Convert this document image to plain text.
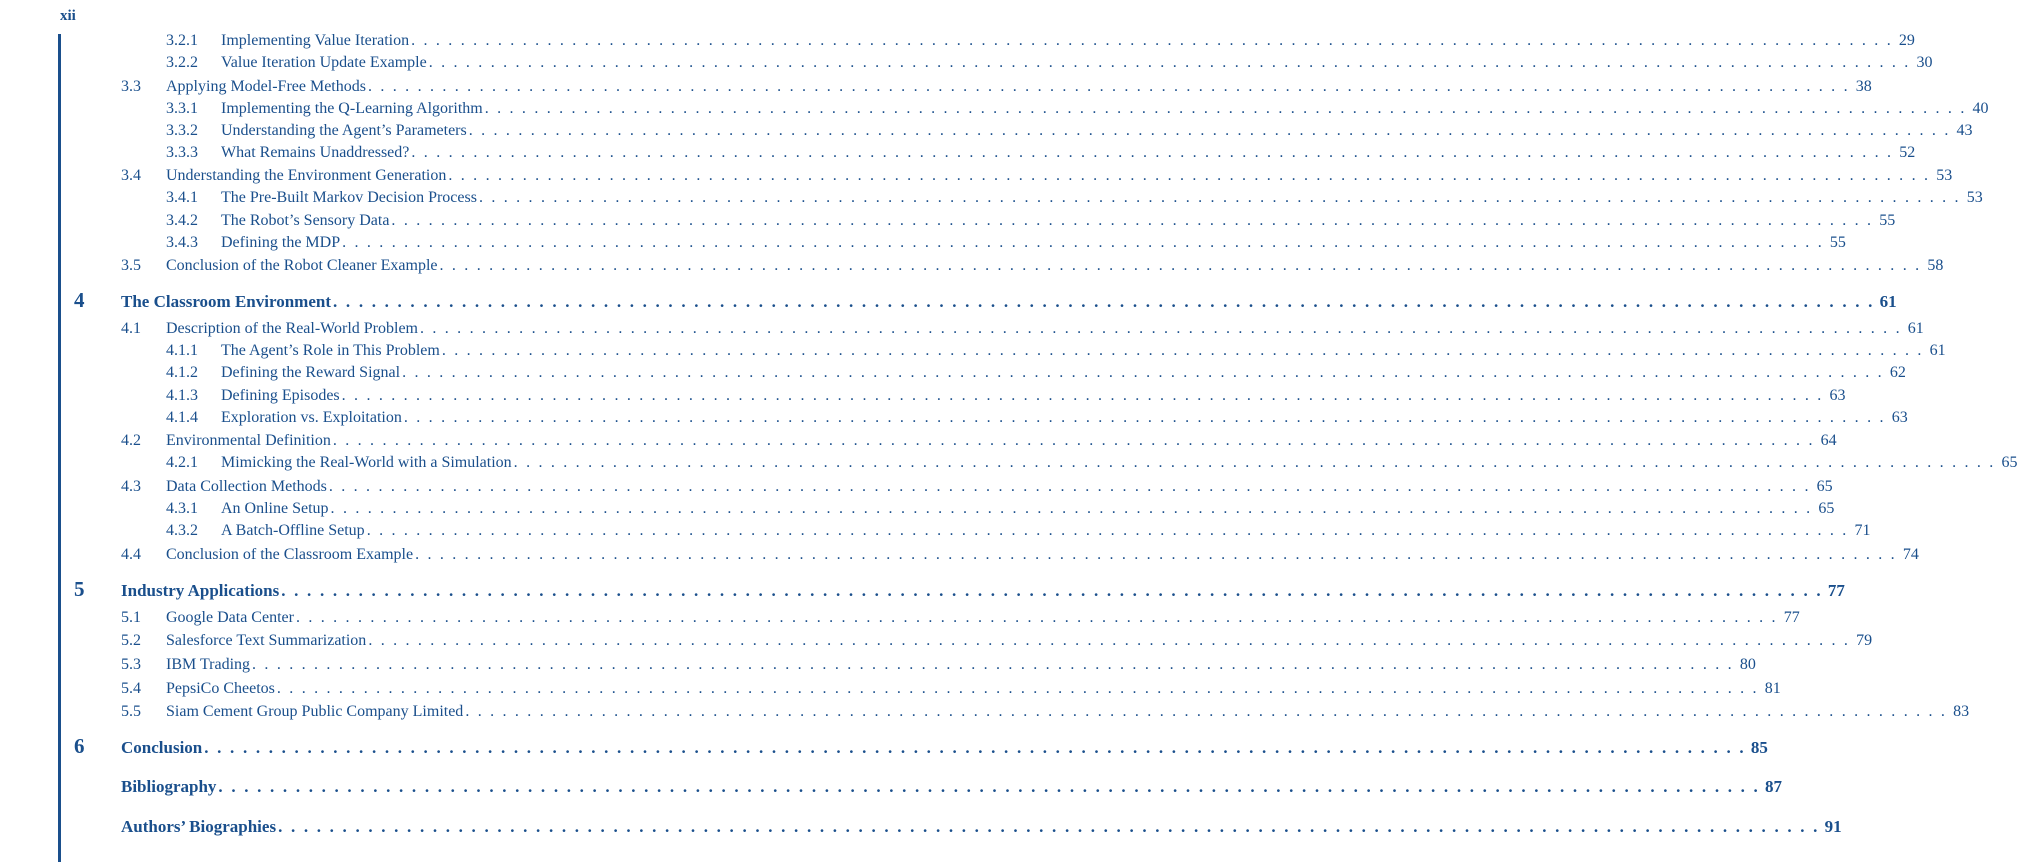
xii
3.2.1 Implementing Value Iteration . . . . . . . . . . . . . . . . . . . . . . . . . . . . . . . . . . . . . . . . . . . . . . . . . . . . . . . . . . . . . . . . . . . . . . . . . . . . . . . . . . . . . . . . . . . . . . . . . . . . . . . . . . . . . . . . . . . . . . . . 29
3.2.2 Value Iteration Update Example . . . . . . . . . . . . . . . . . . . . . . . . . . . . . . . . . . . . . . . . . . . . . . . . . . . . . . . . . . . . . . . . . . . . . . . . . . . . . . . . . . . . . . . . . . . . . . . . . . . . . . . . . . . . . . . . . . . . . . . . 30
3.3 Applying Model-Free Methods . . . . . . . . . . . . . . . . . . . . . . . . . . . . . . . . . . . . . . . . . . . . . . . . . . . . . . . . . . . . . . . . . . . . . . . . . . . . . . . . . . . . . . . . . . . . . . . . . . . . . . . . . . . . . . . . . . . . . . . . 38
3.3.1 Implementing the Q-Learning Algorithm . . . . . . . . . . . . . . . . . . . . . . . . . . . . . . . . . . . . . . . . . . . . . . . . . . . . . . . . . . . . . . . . . . . . . . . . . . . . . . . . . . . . . . . . . . . . . . . . . . . . . . . . . . . . . . . . . . . . . . . . 40
3.3.2 Understanding the Agent’s Parameters . . . . . . . . . . . . . . . . . . . . . . . . . . . . . . . . . . . . . . . . . . . . . . . . . . . . . . . . . . . . . . . . . . . . . . . . . . . . . . . . . . . . . . . . . . . . . . . . . . . . . . . . . . . . . . . . . . . . . . . . 43
3.3.3 What Remains Unaddressed? . . . . . . . . . . . . . . . . . . . . . . . . . . . . . . . . . . . . . . . . . . . . . . . . . . . . . . . . . . . . . . . . . . . . . . . . . . . . . . . . . . . . . . . . . . . . . . . . . . . . . . . . . . . . . . . . . . . . . . . . 52
3.4 Understanding the Environment Generation . . . . . . . . . . . . . . . . . . . . . . . . . . . . . . . . . . . . . . . . . . . . . . . . . . . . . . . . . . . . . . . . . . . . . . . . . . . . . . . . . . . . . . . . . . . . . . . . . . . . . . . . . . . . . . . . . . . . . . . . 53
3.4.1 The Pre-Built Markov Decision Process . . . . . . . . . . . . . . . . . . . . . . . . . . . . . . . . . . . . . . . . . . . . . . . . . . . . . . . . . . . . . . . . . . . . . . . . . . . . . . . . . . . . . . . . . . . . . . . . . . . . . . . . . . . . . . . . . . . . . . . . 53
3.4.2 The Robot’s Sensory Data . . . . . . . . . . . . . . . . . . . . . . . . . . . . . . . . . . . . . . . . . . . . . . . . . . . . . . . . . . . . . . . . . . . . . . . . . . . . . . . . . . . . . . . . . . . . . . . . . . . . . . . . . . . . . . . . . . . . . . . . 55
3.4.3 Defining the MDP . . . . . . . . . . . . . . . . . . . . . . . . . . . . . . . . . . . . . . . . . . . . . . . . . . . . . . . . . . . . . . . . . . . . . . . . . . . . . . . . . . . . . . . . . . . . . . . . . . . . . . . . . . . . . . . . . . . . . . . . 55
3.5 Conclusion of the Robot Cleaner Example . . . . . . . . . . . . . . . . . . . . . . . . . . . . . . . . . . . . . . . . . . . . . . . . . . . . . . . . . . . . . . . . . . . . . . . . . . . . . . . . . . . . . . . . . . . . . . . . . . . . . . . . . . . . . . . . . . . . . . . . 58
4 The Classroom Environment . . . . . . . . . . . . . . . . . . . . . . . . . . . . . . . . . . . . . . . . . . . . . . . . . . . . . . . . . . . . . . . . . . . . . . . . . . . . . . . . . . . . . . . . . . . . . . . . . . . . . . . . . . . . . . . . . . . . . . . . 61
4.1 Description of the Real-World Problem . . . . . . . . . . . . . . . . . . . . . . . . . . . . . . . . . . . . . . . . . . . . . . . . . . . . . . . . . . . . . . . . . . . . . . . . . . . . . . . . . . . . . . . . . . . . . . . . . . . . . . . . . . . . . . . . . . . . . . . . 61
4.1.1 The Agent’s Role in This Problem . . . . . . . . . . . . . . . . . . . . . . . . . . . . . . . . . . . . . . . . . . . . . . . . . . . . . . . . . . . . . . . . . . . . . . . . . . . . . . . . . . . . . . . . . . . . . . . . . . . . . . . . . . . . . . . . . . . . . . . . 61
4.1.2 Defining the Reward Signal . . . . . . . . . . . . . . . . . . . . . . . . . . . . . . . . . . . . . . . . . . . . . . . . . . . . . . . . . . . . . . . . . . . . . . . . . . . . . . . . . . . . . . . . . . . . . . . . . . . . . . . . . . . . . . . . . . . . . . . . 62
4.1.3 Defining Episodes . . . . . . . . . . . . . . . . . . . . . . . . . . . . . . . . . . . . . . . . . . . . . . . . . . . . . . . . . . . . . . . . . . . . . . . . . . . . . . . . . . . . . . . . . . . . . . . . . . . . . . . . . . . . . . . . . . . . . . . . 63
4.1.4 Exploration vs. Exploitation . . . . . . . . . . . . . . . . . . . . . . . . . . . . . . . . . . . . . . . . . . . . . . . . . . . . . . . . . . . . . . . . . . . . . . . . . . . . . . . . . . . . . . . . . . . . . . . . . . . . . . . . . . . . . . . . . . . . . . . . 63
4.2 Environmental Definition . . . . . . . . . . . . . . . . . . . . . . . . . . . . . . . . . . . . . . . . . . . . . . . . . . . . . . . . . . . . . . . . . . . . . . . . . . . . . . . . . . . . . . . . . . . . . . . . . . . . . . . . . . . . . . . . . . . . . . . . 64
4.2.1 Mimicking the Real-World with a Simulation . . . . . . . . . . . . . . . . . . . . . . . . . . . . . . . . . . . . . . . . . . . . . . . . . . . . . . . . . . . . . . . . . . . . . . . . . . . . . . . . . . . . . . . . . . . . . . . . . . . . . . . . . . . . . . . . . . . . . . . . 65
4.3 Data Collection Methods . . . . . . . . . . . . . . . . . . . . . . . . . . . . . . . . . . . . . . . . . . . . . . . . . . . . . . . . . . . . . . . . . . . . . . . . . . . . . . . . . . . . . . . . . . . . . . . . . . . . . . . . . . . . . . . . . . . . . . . . 65
4.3.1 An Online Setup . . . . . . . . . . . . . . . . . . . . . . . . . . . . . . . . . . . . . . . . . . . . . . . . . . . . . . . . . . . . . . . . . . . . . . . . . . . . . . . . . . . . . . . . . . . . . . . . . . . . . . . . . . . . . . . . . . . . . . . . 65
4.3.2 A Batch-Offline Setup . . . . . . . . . . . . . . . . . . . . . . . . . . . . . . . . . . . . . . . . . . . . . . . . . . . . . . . . . . . . . . . . . . . . . . . . . . . . . . . . . . . . . . . . . . . . . . . . . . . . . . . . . . . . . . . . . . . . . . . . 71
4.4 Conclusion of the Classroom Example . . . . . . . . . . . . . . . . . . . . . . . . . . . . . . . . . . . . . . . . . . . . . . . . . . . . . . . . . . . . . . . . . . . . . . . . . . . . . . . . . . . . . . . . . . . . . . . . . . . . . . . . . . . . . . . . . . . . . . . . 74
5 Industry Applications . . . . . . . . . . . . . . . . . . . . . . . . . . . . . . . . . . . . . . . . . . . . . . . . . . . . . . . . . . . . . . . . . . . . . . . . . . . . . . . . . . . . . . . . . . . . . . . . . . . . . . . . . . . . . . . . . . . . . . . . 77
5.1 Google Data Center . . . . . . . . . . . . . . . . . . . . . . . . . . . . . . . . . . . . . . . . . . . . . . . . . . . . . . . . . . . . . . . . . . . . . . . . . . . . . . . . . . . . . . . . . . . . . . . . . . . . . . . . . . . . . . . . . . . . . . . . 77
5.2 Salesforce Text Summarization . . . . . . . . . . . . . . . . . . . . . . . . . . . . . . . . . . . . . . . . . . . . . . . . . . . . . . . . . . . . . . . . . . . . . . . . . . . . . . . . . . . . . . . . . . . . . . . . . . . . . . . . . . . . . . . . . . . . . . . . 79
5.3 IBM Trading . . . . . . . . . . . . . . . . . . . . . . . . . . . . . . . . . . . . . . . . . . . . . . . . . . . . . . . . . . . . . . . . . . . . . . . . . . . . . . . . . . . . . . . . . . . . . . . . . . . . . . . . . . . . . . . . . . . . . . . . 80
5.4 PepsiCo Cheetos . . . . . . . . . . . . . . . . . . . . . . . . . . . . . . . . . . . . . . . . . . . . . . . . . . . . . . . . . . . . . . . . . . . . . . . . . . . . . . . . . . . . . . . . . . . . . . . . . . . . . . . . . . . . . . . . . . . . . . . . 81
5.5 Siam Cement Group Public Company Limited . . . . . . . . . . . . . . . . . . . . . . . . . . . . . . . . . . . . . . . . . . . . . . . . . . . . . . . . . . . . . . . . . . . . . . . . . . . . . . . . . . . . . . . . . . . . . . . . . . . . . . . . . . . . . . . . . . . . . . . . 83
6 Conclusion . . . . . . . . . . . . . . . . . . . . . . . . . . . . . . . . . . . . . . . . . . . . . . . . . . . . . . . . . . . . . . . . . . . . . . . . . . . . . . . . . . . . . . . . . . . . . . . . . . . . . . . . . . . . . . . . . . . . . . . . 85
Bibliography . . . . . . . . . . . . . . . . . . . . . . . . . . . . . . . . . . . . . . . . . . . . . . . . . . . . . . . . . . . . . . . . . . . . . . . . . . . . . . . . . . . . . . . . . . . . . . . . . . . . . . . . . . . . . . . . . . . . . . . . 87
Authors’ Biographies . . . . . . . . . . . . . . . . . . . . . . . . . . . . . . . . . . . . . . . . . . . . . . . . . . . . . . . . . . . . . . . . . . . . . . . . . . . . . . . . . . . . . . . . . . . . . . . . . . . . . . . . . . . . . . . . . . . . . . . . 91
